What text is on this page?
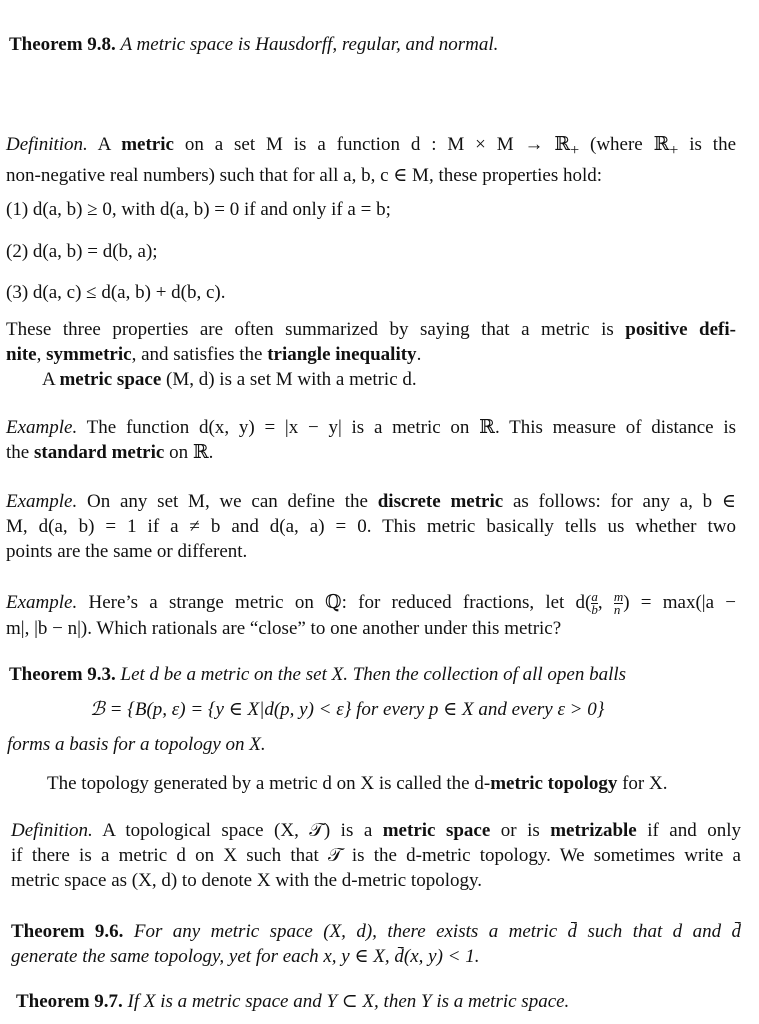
Theorem 9.8. A metric space is Hausdorff, regular, and normal.
Definition. A metric on a set M is a function d : M × M → ℝ$_+$ (where ℝ$_+$ is the
non-negative real numbers) such that for all a, b, c ∈ M, these properties hold:
(1) d(a, b) ≥ 0, with d(a, b) = 0 if and only if a = b;
(2) d(a, b) = d(b, a);
(3) d(a, c) ≤ d(a, b) + d(b, c).
These three properties are often summarized by saying that a metric is positive defi-
nite, symmetric, and satisfies the triangle inequality.
A metric space (M, d) is a set M with a metric d.
Example. The function d(x, y) = |x − y| is a metric on ℝ. This measure of distance is
the standard metric on ℝ.
Example. On any set M, we can define the discrete metric as follows: for any a, b ∈
M, d(a, b) = 1 if a ≠ b and d(a, a) = 0. This metric basically tells us whether two
points are the same or different.
Example. Here’s a strange metric on ℚ: for reduced fractions, let $d( \frac{a}{b}$ , $\frac{m}{n}$ ) = max(|a −
m|, |b − n|). Which rationals are “close” to one another under this metric?
Theorem 9.3. Let d be a metric on the set X. Then the collection of all open balls
ℬ = {B(p, ε) = {y ∈ X|d(p, y) < ε} for every p ∈ X and every ε > 0}
forms a basis for a topology on X.
The topology generated by a metric d on X is called the d-metric topology for X.
Definition. A topological space (X, 𝒯) is a metric space or is metrizable if and only
if there is a metric d on X such that 𝒯 is the d-metric topology. We sometimes write a
metric space as (X, d) to denote X with the d-metric topology.
Theorem 9.6. For any metric space (X, d), there exists a metric d̄ such that d and d̄
generate the same topology, yet for each x, y ∈ X, d̄(x, y) < 1.
Theorem 9.7. If X is a metric space and Y ⊂ X, then Y is a metric space.
